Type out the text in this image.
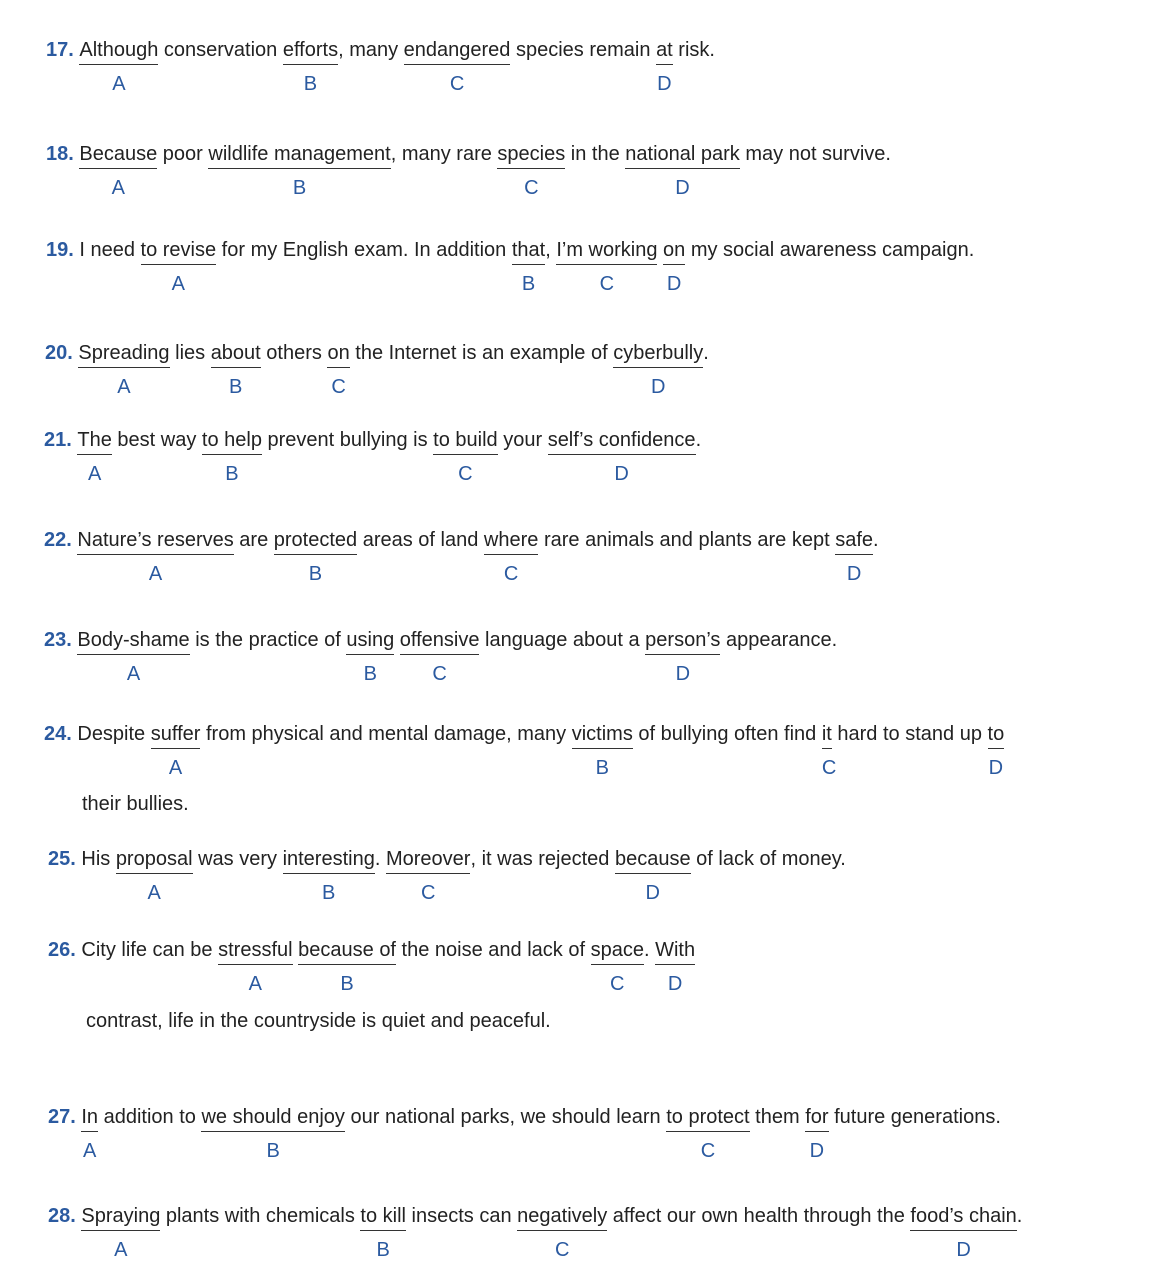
17. Although
A
conservation efforts
B
, many endangered
C
species remain at
D
risk.
18. Because
A
poor wildlife management
B
, many rare species
C
in the national park
D
may not survive.
19. I need to revise
A
for my English exam. In addition that
B
, I’m working
C
on
D
my social awareness campaign.
20. Spreading
A
lies about
B
others on
C
the Internet is an example of cyberbully
D
.
21. The
A
best way to help
B
prevent bullying is to build
C
your self’s confidence
D
.
22. Nature’s reserves
A
are protected
B
areas of land where
C
rare animals and plants are kept safe
D
.
23. Body-shame
A
is the practice of using
B
offensive
C
language about a person’s
D
appearance.
24. Despite suffer
A
from physical and mental damage, many victims
B
of bullying often find it
C
hard to stand up to
D
their bullies.
25. His proposal
A
was very interesting
B
. Moreover
C
, it was rejected because
D
of lack of money.
26. City life can be stressful
A
because of
B
the noise and lack of space
C
. With
D
contrast, life in the countryside is quiet and peaceful.
27. In
A
addition to we should enjoy
B
our national parks, we should learn to protect
C
them for
D
future generations.
28. Spraying
A
plants with chemicals to kill
B
insects can negatively
C
affect our own health through the food’s chain
D
.
